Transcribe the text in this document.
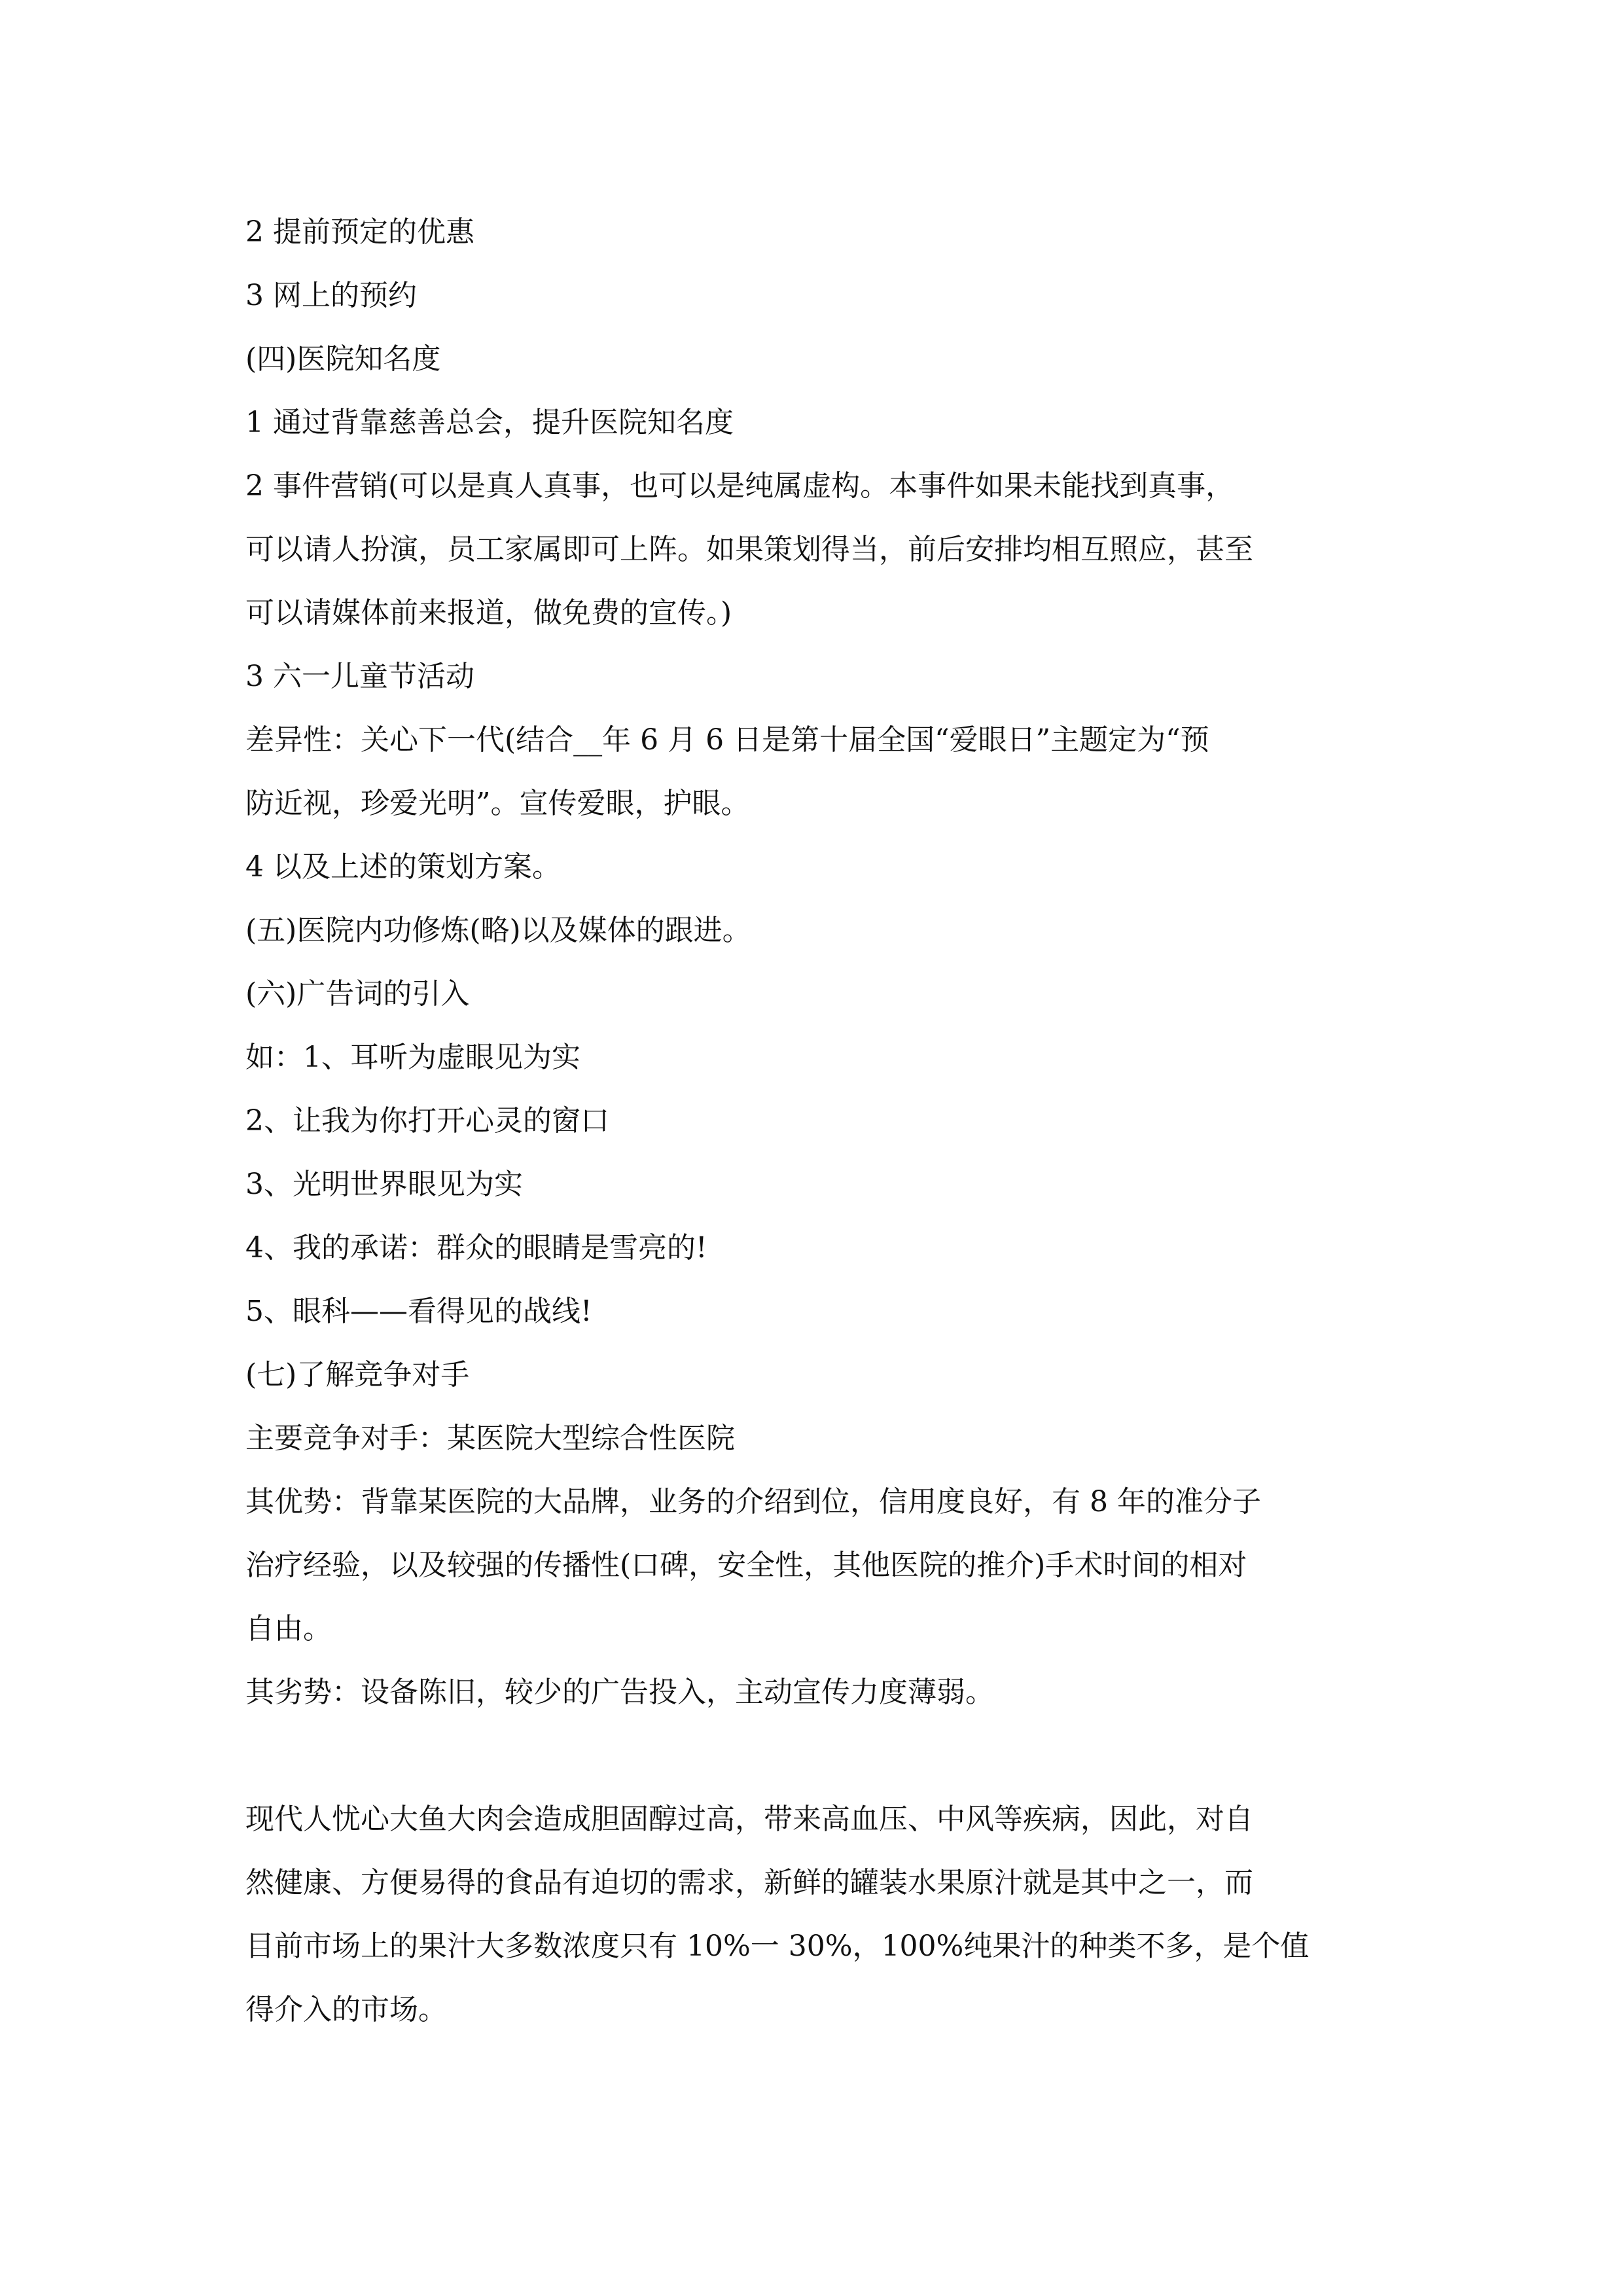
2 提前预定的优惠

3 网上的预约

(四)医院知名度

1 通过背靠慈善总会，提升医院知名度

2 事件营销(可以是真人真事，也可以是纯属虚构。本事件如果未能找到真事，

可以请人扮演，员工家属即可上阵。如果策划得当，前后安排均相互照应，甚至

可以请媒体前来报道，做免费的宣传。)

3 六一儿童节活动

差异性：关心下一代(结合__年 6 月 6 日是第十届全国“爱眼日”主题定为“预

防近视，珍爱光明”。宣传爱眼，护眼。

4 以及上述的策划方案。

(五)医院内功修炼(略)以及媒体的跟进。

(六)广告词的引入

如：1、耳听为虚眼见为实

2、让我为你打开心灵的窗口

3、光明世界眼见为实

4、我的承诺：群众的眼睛是雪亮的!

5、眼科——看得见的战线!

(七)了解竞争对手

主要竞争对手：某医院大型综合性医院

其优势：背靠某医院的大品牌，业务的介绍到位，信用度良好，有 8 年的准分子

治疗经验，以及较强的传播性(口碑，安全性，其他医院的推介)手术时间的相对

自由。

其劣势：设备陈旧，较少的广告投入，主动宣传力度薄弱。

现代人忧心大鱼大肉会造成胆固醇过高，带来高血压、中风等疾病，因此，对自

然健康、方便易得的食品有迫切的需求，新鲜的罐装水果原汁就是其中之一，而

目前市场上的果汁大多数浓度只有 10%一 30%，100%纯果汁的种类不多，是个值

得介入的市场。
